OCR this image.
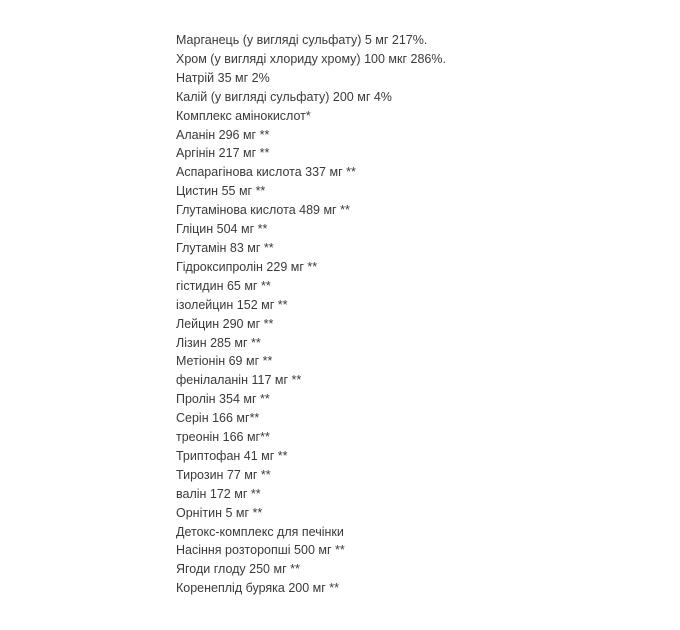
Марганець (у вигляді сульфату) 5 мг 217%.
Хром (у вигляді хлориду хрому) 100 мкг 286%.
Натрій 35 мг 2%
Калій (у вигляді сульфату) 200 мг 4%
Комплекс амінокислот*
Аланін 296 мг **
Аргінін 217 мг **
Аспарагінова кислота 337 мг **
Цистин 55 мг **
Глутамінова кислота 489 мг **
Гліцин 504 мг **
Глутамін 83 мг **
Гідроксипролін 229 мг **
гістидин 65 мг **
ізолейцин 152 мг **
Лейцин 290 мг **
Лізин 285 мг **
Метіонін 69 мг **
фенілаланін 117 мг **
Пролін 354 мг **
Серін 166 мг**
треонін 166 мг**
Триптофан 41 мг **
Тирозин 77 мг **
валін 172 мг **
Орнітин 5 мг **
Детокс-комплекс для печінки
Насіння розторопші 500 мг **
Ягоди глоду 250 мг **
Коренеплід буряка 200 мг **
